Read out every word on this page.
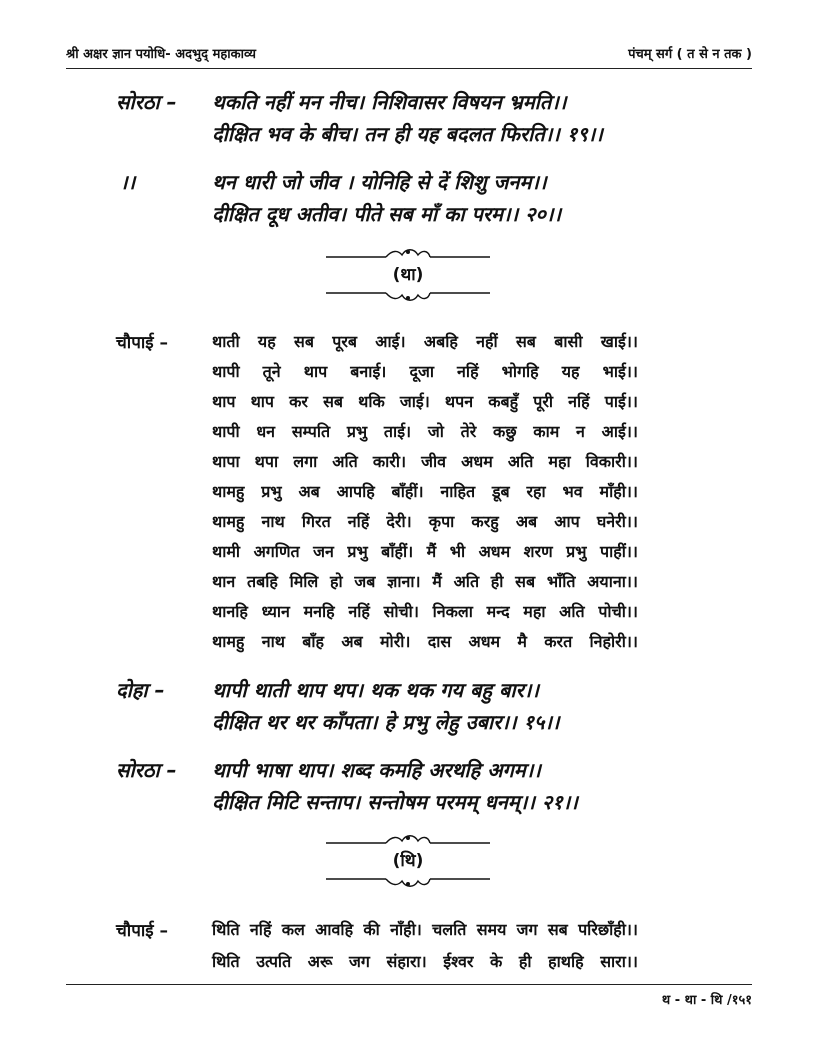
श्री अक्षर ज्ञान पयोधि- अदभुद् महाकाव्य	पंचम् सर्ग ( त से न तक )
सोरठा – थकति नहीं मन नीच। निशिवासर विषयन भ्रमति।।
दीक्षित भव के बीच। तन ही यह बदलत फिरति।। १९।।
।।	थन धारी जो जीव । योनिहि से दें शिशु जनम।।
दीक्षित दूध अतीव। पीते सब माँ का परम।। २०।।
(था)
चौपाई –	थाती यह सब पूरब आई। अबहि नहीं सब बासी खाई।।
थापी तूने थाप बनाई। दूजा नहिं भोगहि यह भाई।।
थाप थाप कर सब थकि जाई। थपन कबहुँ पूरी नहिं पाई।।
थापी धन सम्पति प्रभु ताई। जो तेरे कछु काम न आई।।
थापा थपा लगा अति कारी। जीव अधम अति महा विकारी।।
थामहु प्रभु अब आपहि बाँहीं। नाहित डूब रहा भव माँही।।
थामहु नाथ गिरत नहिं देरी। कृपा करहु अब आप घनेरी।।
थामी अगणित जन प्रभु बाँहीं। मैं भी अधम शरण प्रभु पाहीं।।
थान तबहि मिलि हो जब ज्ञाना। मैं अति ही सब भाँति अयाना।।
थानहि ध्यान मनहि नहिं सोची। निकला मन्द महा अति पोची।।
थामहु नाथ बाँह अब मोरी। दास अधम मै करत निहोरी।।
दोहा – थापी थाती थाप थप। थक थक गय बहु बार।।
दीक्षित थर थर काँपता। हे प्रभु लेहु उबार।। १५।।
सोरठा – थापी भाषा थाप। शब्द कमहि अरथहि अगम।।
दीक्षित मिटि सन्ताप। सन्तोषम परमम् धनम्।। २१।।
(थि)
चौपाई –	थिति नहिं कल आवहि की नाँही। चलति समय जग सब परिछाँही।।
थिति उत्पति अरू जग संहारा। ईश्वर के ही हाथहि सारा।।
थ - था - थि /१५१
